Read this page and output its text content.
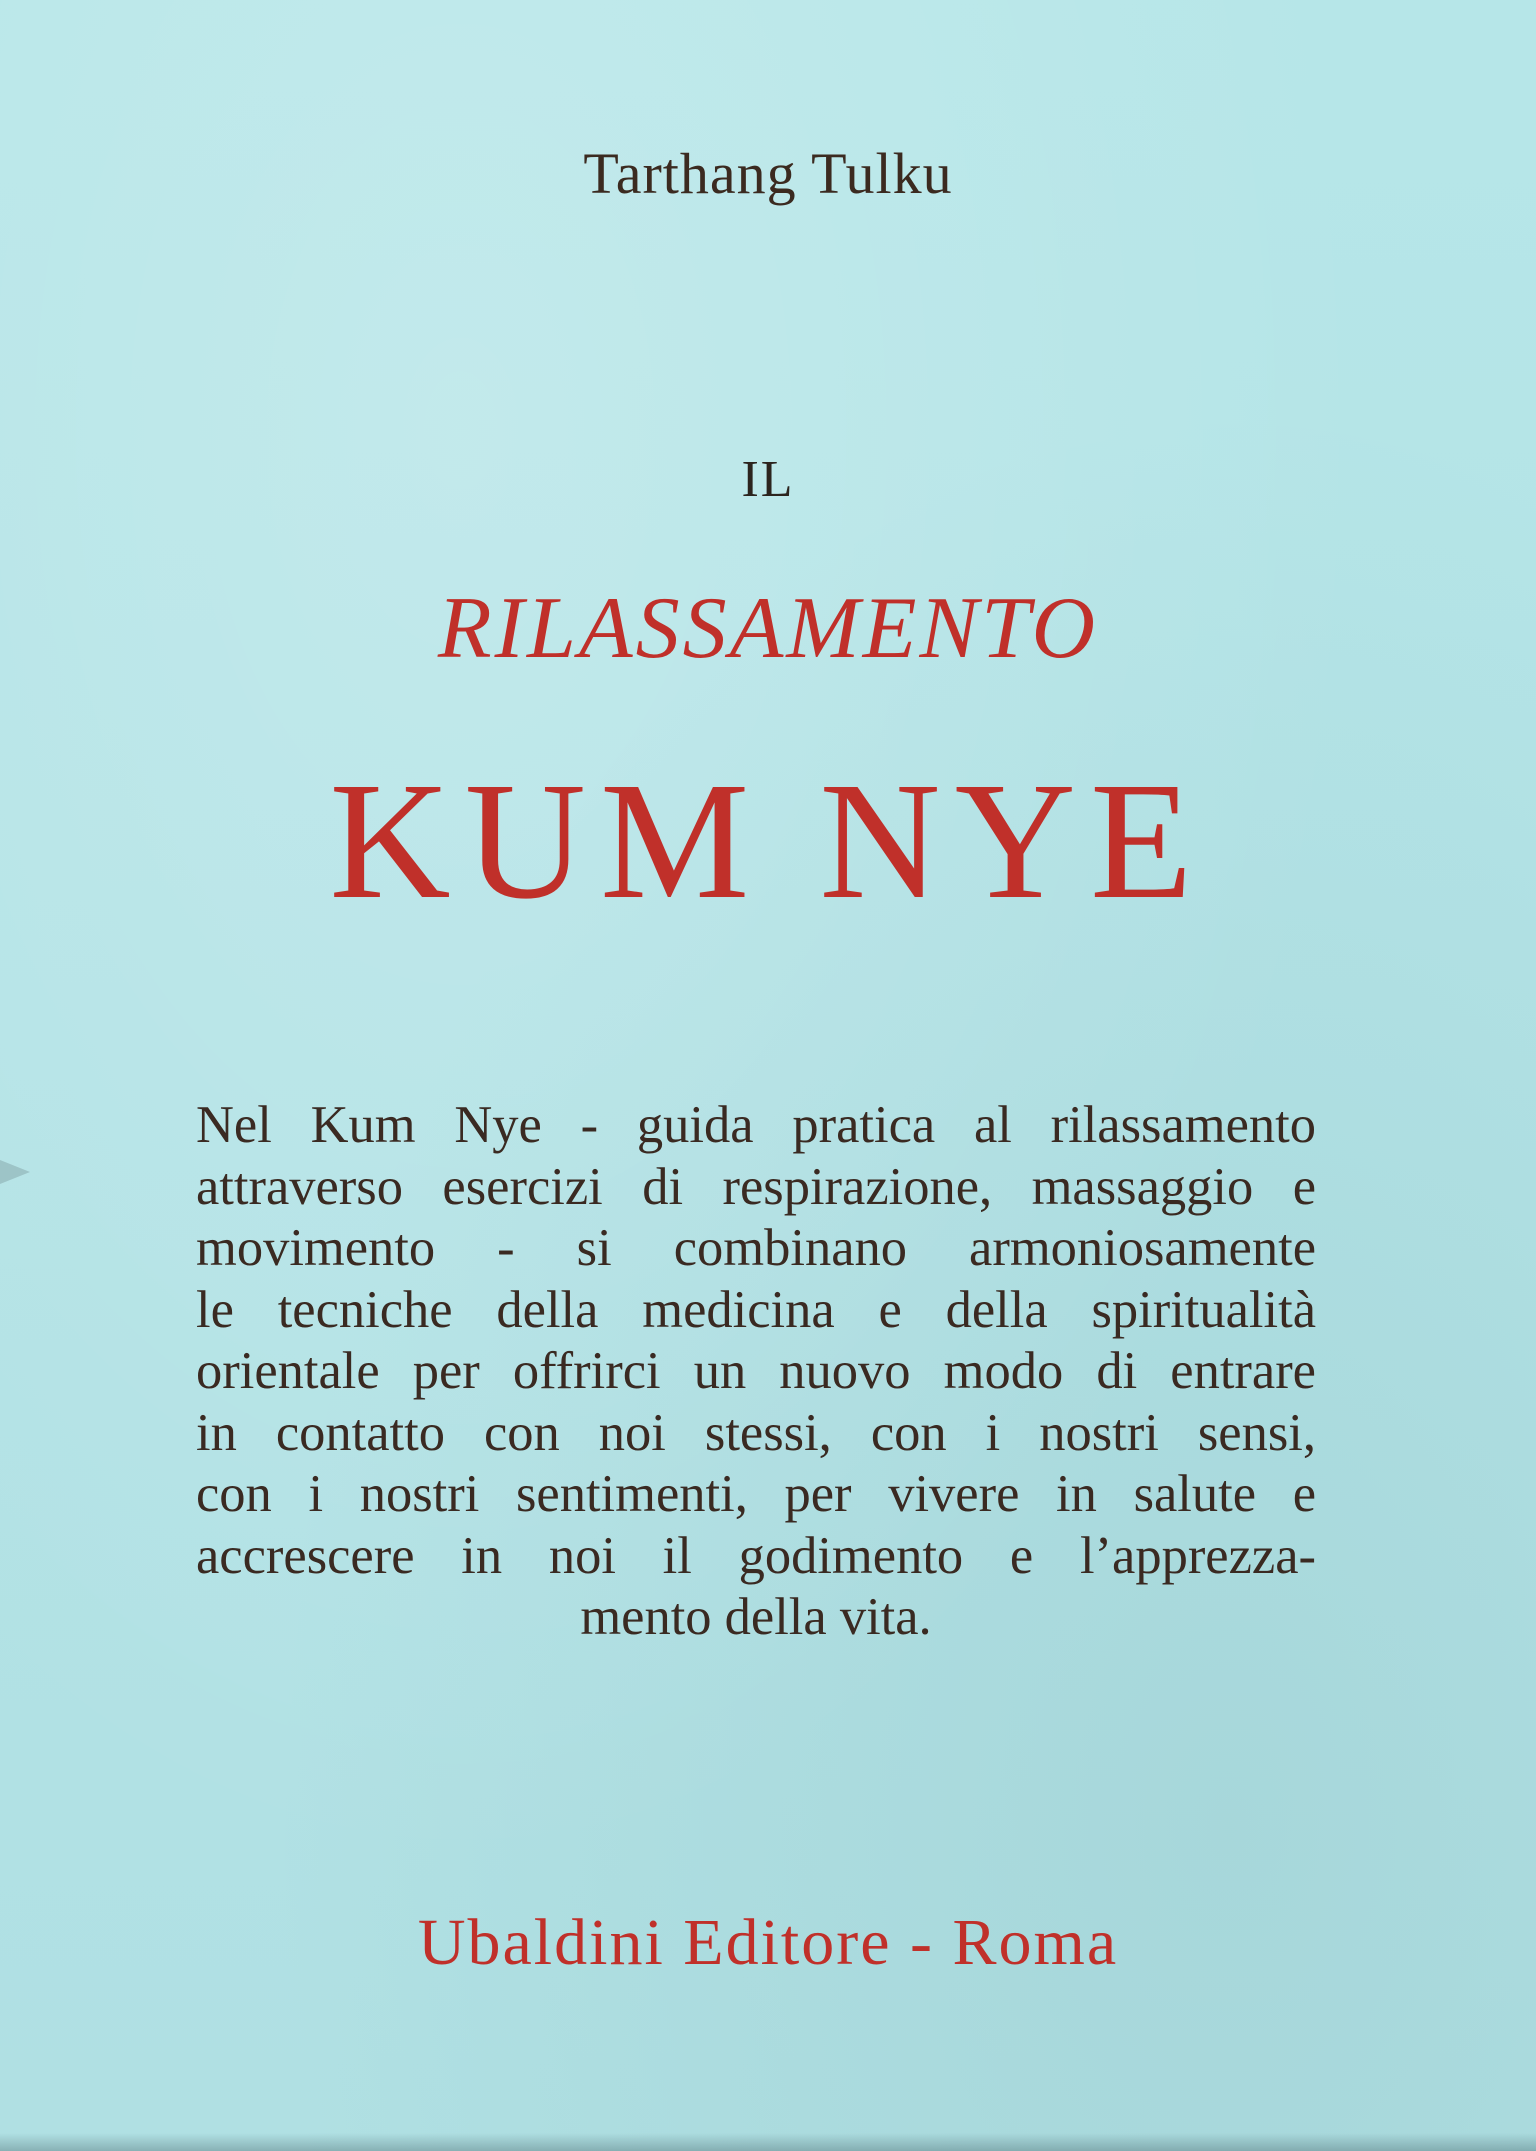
Tarthang Tulku
IL
RILASSAMENTO
KUM NYE
Nel Kum Nye - guida pratica al rilassamento
attraverso esercizi di respirazione, massaggio e
movimento - si combinano armoniosamente
le tecniche della medicina e della spiritualità
orientale per offrirci un nuovo modo di entrare
in contatto con noi stessi, con i nostri sensi,
con i nostri sentimenti, per vivere in salute e
accrescere in noi il godimento e l’apprezza-
mento della vita.
Ubaldini Editore - Roma
